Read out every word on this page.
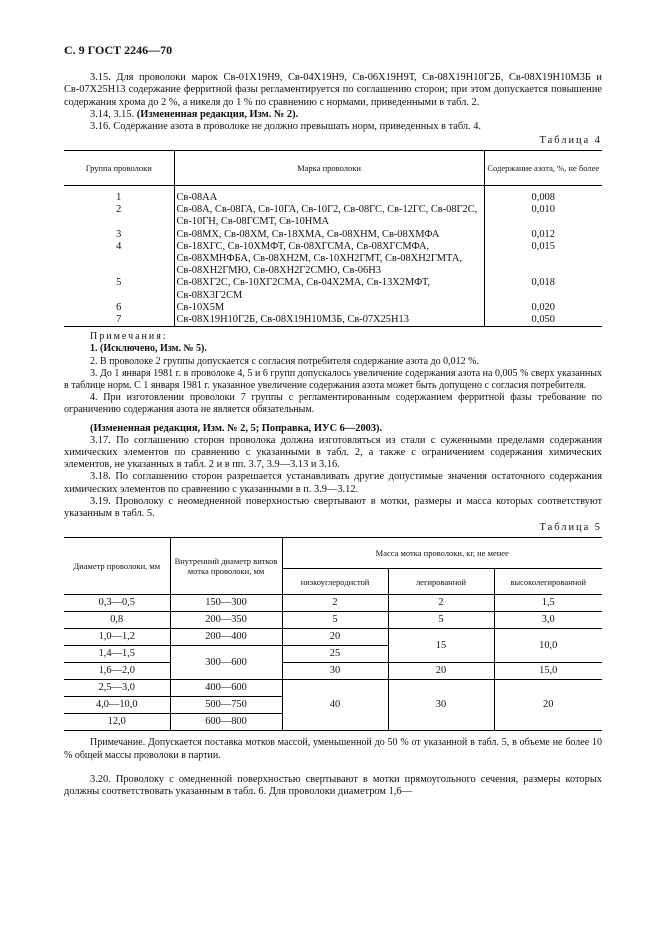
С. 9 ГОСТ 2246—70

3.15. Для проволоки марок Св-01Х19Н9, Св-04Х19Н9, Св-06Х19Н9Т, Св-08Х19Н10Г2Б, Св-08Х19Н10М3Б и Св-07Х25Н13 содержание ферритной фазы регламентируется по соглашению сторон; при этом допускается повышение содержания хрома до 2 %, а никеля до 1 % по сравнению с нормами, приведенными в табл. 2.

3.14, 3.15. (Измененная редакция, Изм. № 2).

3.16. Содержание азота в проволоке не должно превышать норм, приведенных в табл. 4.

Таблица 4
Группа проволоки	Марка проволоки	Содержание азота, %, не более

1	Св-08АА	0,008
2	Св-08А, Св-08ГА, Св-10ГА, Св-10Г2, Св-08ГС, Св-12ГС, Св-08Г2С, Св-10ГН, Св-08ГСМТ, Св-10НМА	0,010
3	Св-08МХ, Св-08ХМ, Св-18ХМА, Св-08ХНМ, Св-08ХМФА	0,012
4	Св-18ХГС, Св-10ХМФТ, Св-08ХГСМА, Св-08ХГСМФА, Св-08ХМНФБА, Св-08ХН2М, Св-10ХН2ГМТ, Св-08ХН2ГМТА, Св-08ХН2ГМЮ, Св-08ХН2Г2СМЮ, Св-06Н3	0,015
5	Св-08ХГ2С, Св-10ХГ2СМА, Св-04Х2МА, Св-13Х2МФТ, Св-08Х3Г2СМ	0,018
6	Св-10Х5М	0,020
7	Св-08Х19Н10Г2Б, Св-08Х19Н10М3Б, Св-07Х25Н13	0,050

Примечания:

1. (Исключено, Изм. № 5).

2. В проволоке 2 группы допускается с согласия потребителя содержание азота до 0,012 %.

3. До 1 января 1981 г. в проволоке 4, 5 и 6 групп допускалось увеличение содержания азота на 0,005 % сверх указанных в таблице норм. С 1 января 1981 г. указанное увеличение содержания азота может быть допущено с согласия потребителя.

4. При изготовлении проволоки 7 группы с регламентированным содержанием ферритной фазы требование по ограничению содержания азота не является обязательным.

(Измененная редакция, Изм. № 2, 5; Поправка, ИУС 6—2003).

3.17. По соглашению сторон проволока должна изготовляться из стали с суженными пределами содержания химических элементов по сравнению с указанными в табл. 2, а также с ограничением содержания химических элементов, не указанных в табл. 2 и в пп. 3.7, 3.9—3.13 и 3.16.

3.18. По соглашению сторон разрешается устанавливать другие допустимые значения остаточного содержания химических элементов по сравнению с указанными в п. 3.9—3.12.

3.19. Проволоку с неомедненной поверхностью свертывают в мотки, размеры и масса которых соответствуют указанным в табл. 5.

Таблица 5
Диаметр проволоки, мм	Внутренний диаметр витков мотка проволоки, мм	Масса мотка проволоки, кг, не менее		
		низкоуглеродистой	легированной	высоколегированной
0,3—0,5	150—300	2	2	1,5
0,8	200—350	5	5	3,0
1,0—1,2	200—400	20	15	10,0
1,4—1,5	300—600	25		
1,6—2,0		30	20	15,0
2,5—3,0	400—600	40	30	20
4,0—10,0	500—750			
12,0	600—800			

Примечание. Допускается поставка мотков массой, уменьшенной до 50 % от указанной в табл. 5, в объеме не более 10 % общей массы проволоки в партии.

3.20. Проволоку с омедненной поверхностью свертывают в мотки прямоугольного сечения, размеры которых должны соответствовать указанным в табл. 6. Для проволоки диаметром 1,6—
